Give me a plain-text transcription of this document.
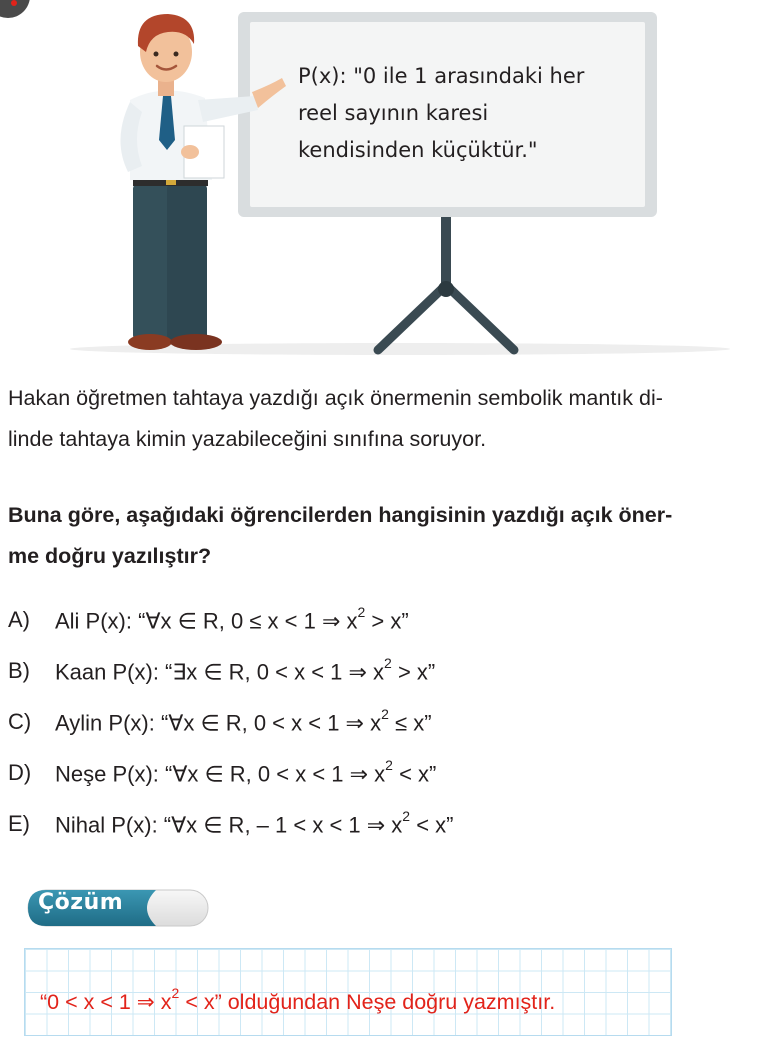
P(x): "0 ile 1 arasındaki her
reel sayının karesi
kendisinden küçüktür."
Hakan öğretmen tahtaya yazdığı açık önermenin sembolik mantık di-
linde tahtaya kimin yazabileceğini sınıfına soruyor.
Buna göre, aşağıdaki öğrencilerden hangisinin yazdığı açık öner-
me doğru yazılıştır?
A) Ali P(x): “∀x ∈ R, 0 ≤ x < 1 ⇒ $x^2 > x$”
B) Kaan P(x): “∃x ∈ R, 0 < x < 1 ⇒ $x^2 > x$”
C) Aylin P(x): “∀x ∈ R, 0 < x < 1 ⇒ $x^2 \le x$”
D) Neşe P(x): “∀x ∈ R, 0 < x < 1 ⇒ $x^2 < x$”
E) Nihal P(x): “∀x ∈ R, – 1 < x < 1 ⇒ $x^2 < x$”
Çözüm
“0 < x < 1 ⇒ $x^2 < x$” olduğundan Neşe doğru yazmıştır.
